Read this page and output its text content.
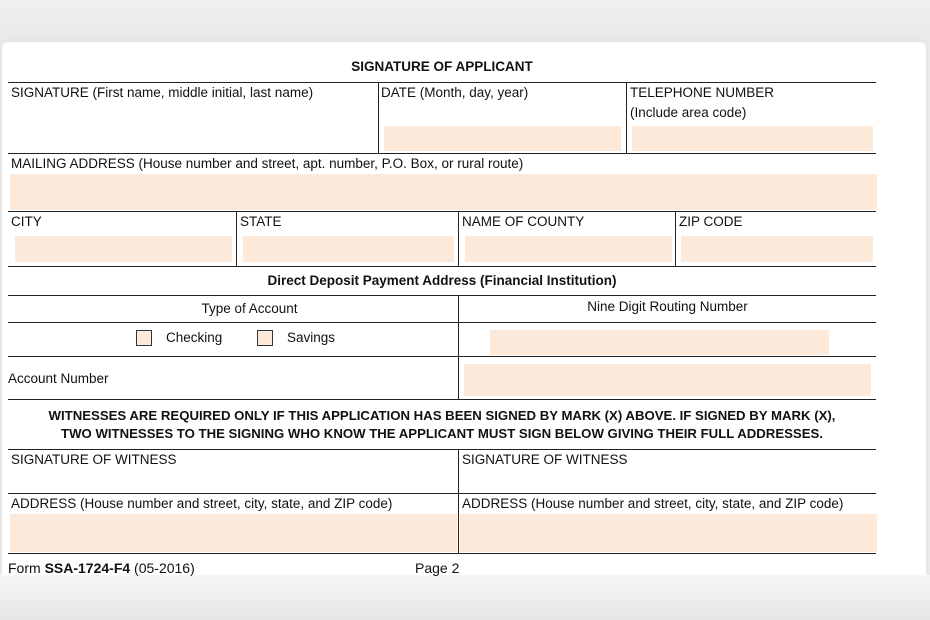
SIGNATURE OF APPLICANT
SIGNATURE (First name, middle initial, last name)	DATE (Month, day, year)	TELEPHONE NUMBER
(Include area code)
MAILING ADDRESS (House number and street, apt. number, P.O. Box, or rural route)
CITY	STATE	NAME OF COUNTY	ZIP CODE
Direct Deposit Payment Address (Financial Institution)
Type of Account	Nine Digit Routing Number
Checking	Savings
Account Number
WITNESSES ARE REQUIRED ONLY IF THIS APPLICATION HAS BEEN SIGNED BY MARK (X) ABOVE. IF SIGNED BY MARK (X),
TWO WITNESSES TO THE SIGNING WHO KNOW THE APPLICANT MUST SIGN BELOW GIVING THEIR FULL ADDRESSES.
SIGNATURE OF WITNESS	SIGNATURE OF WITNESS
ADDRESS (House number and street, city, state, and ZIP code)	ADDRESS (House number and street, city, state, and ZIP code)
Form SSA-1724-F4 (05-2016)	Page 2
